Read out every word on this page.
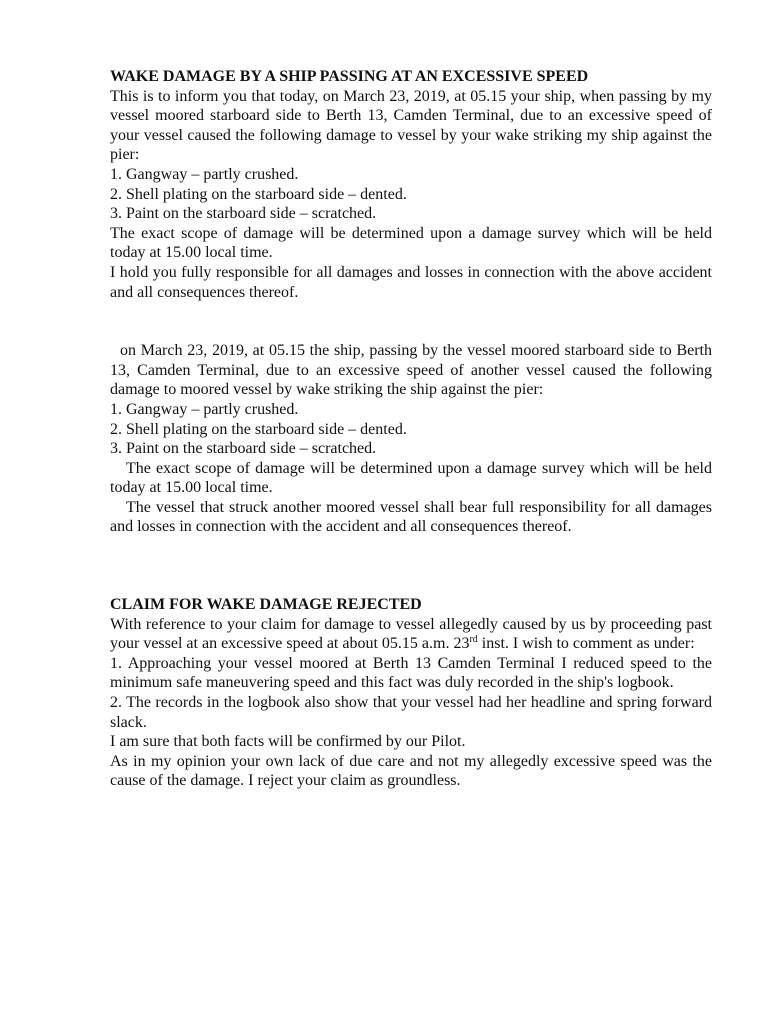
WAKE DAMAGE BY A SHIP PASSING AT AN EXCESSIVE SPEED

This is to inform you that today, on March 23, 2019, at 05.15 your ship, when passing by my vessel moored starboard side to Berth 13, Camden Terminal, due to an excessive speed of your vessel caused the following damage to vessel by your wake striking my ship against the pier:

1. Gangway – partly crushed.

2. Shell plating on the starboard side – dented.

3. Paint on the starboard side – scratched.

The exact scope of damage will be determined upon a damage survey which will be held today at 15.00 local time.

I hold you fully responsible for all damages and losses in connection with the above accident and all consequences thereof.

on March 23, 2019, at 05.15 the ship, passing by the vessel moored starboard side to Berth 13, Camden Terminal, due to an excessive speed of another vessel caused the following damage to moored vessel by wake striking the ship against the pier:

1. Gangway – partly crushed.

2. Shell plating on the starboard side – dented.

3. Paint on the starboard side – scratched.

The exact scope of damage will be determined upon a damage survey which will be held today at 15.00 local time.

The vessel that struck another moored vessel shall bear full responsibility for all damages and losses in connection with the accident and all consequences thereof.

CLAIM FOR WAKE DAMAGE REJECTED

With reference to your claim for damage to vessel allegedly caused by us by proceeding past your vessel at an excessive speed at about 05.15 a.m. 23rd inst. I wish to comment as under:

1. Approaching your vessel moored at Berth 13 Camden Terminal I reduced speed to the minimum safe maneuvering speed and this fact was duly recorded in the ship's logbook.

2. The records in the logbook also show that your vessel had her headline and spring forward slack.

I am sure that both facts will be confirmed by our Pilot.

As in my opinion your own lack of due care and not my allegedly excessive speed was the cause of the damage. I reject your claim as groundless.
